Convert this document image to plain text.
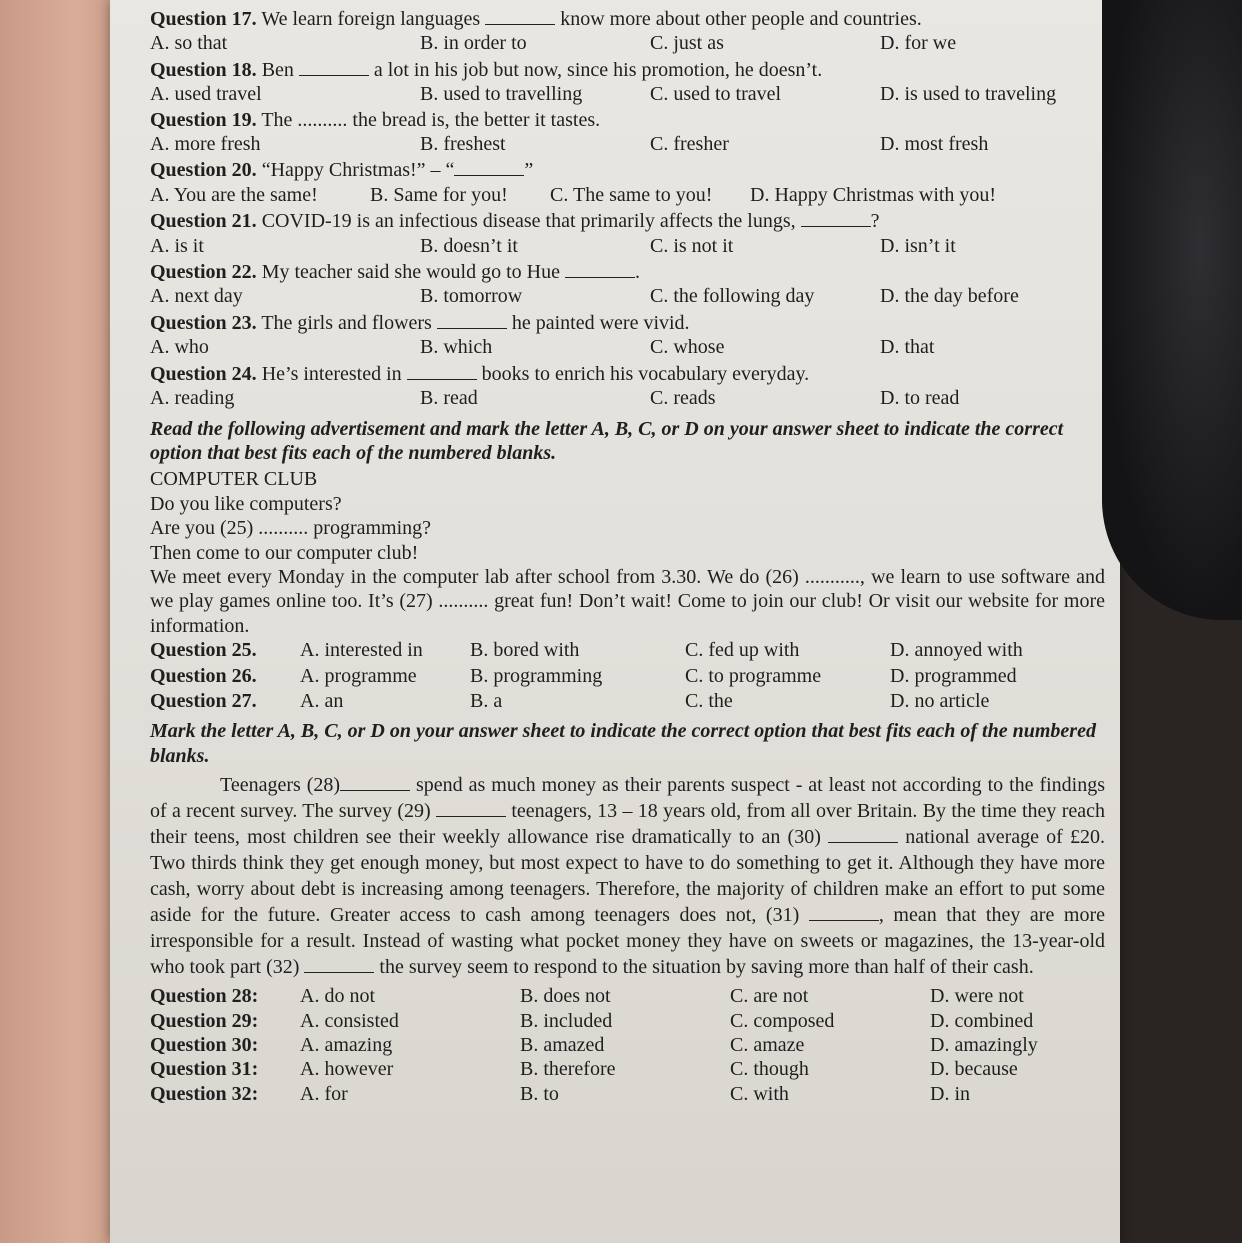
Question 17. We learn foreign languages	know more about other people and countries.

A. so that	B. in order to	C. just as	D. for we

Question 18. Ben	a lot in his job but now, since his promotion, he doesn’t.

A. used travel	B. used to travelling	C. used to travel	D. is used to traveling

Question 19. The .......... the bread is, the better it tastes.

A. more fresh	B. freshest	C. fresher	D. most fresh

Question 20. “Happy Christmas!” – “	”

A. You are the same!	B. Same for you!	C. The same to you!	D. Happy Christmas with you!

Question 21. COVID-19 is an infectious disease that primarily affects the lungs,	?

A. is it	B. doesn’t it	C. is not it	D. isn’t it

Question 22. My teacher said she would go to Hue	.

A. next day	B. tomorrow	C. the following day	D. the day before

Question 23. The girls and flowers	he painted were vivid.

A. who	B. which	C. whose	D. that

Question 24. He’s interested in	books to enrich his vocabulary everyday.

A. reading	B. read	C. reads	D. to read

Read the following advertisement and mark the letter A, B, C, or D on your answer sheet to indicate the correct option that best fits each of the numbered blanks.

COMPUTER CLUB

Do you like computers?

Are you (25) .......... programming?

Then come to our computer club!

We meet every Monday in the computer lab after school from 3.30. We do (26) ..........., we learn to use software and we play games online too. It’s (27) .......... great fun! Don’t wait! Come to join our club! Or visit our website for more information.

Question 25.	A. interested in	B. bored with	C. fed up with	D. annoyed with
Question 26.	A. programme	B. programming	C. to programme	D. programmed
Question 27.	A. an	B. a	C. the	D. no article

Mark the letter A, B, C, or D on your answer sheet to indicate the correct option that best fits each of the numbered blanks.

Teenagers (28)	spend as much money as their parents suspect - at least not according to the findings of a recent survey. The survey (29)	teenagers, 13 – 18 years old, from all over Britain. By the time they reach their teens, most children see their weekly allowance rise dramatically to an (30)	national average of £20. Two thirds think they get enough money, but most expect to have to do something to get it. Although they have more cash, worry about debt is increasing among teenagers. Therefore, the majority of children make an effort to put some aside for the future. Greater access to cash among teenagers does not, (31)	, mean that they are more irresponsible for a result. Instead of wasting what pocket money they have on sweets or magazines, the 13-year-old who took part (32)	the survey seem to respond to the situation by saving more than half of their cash.

Question 28:	A. do not	B. does not	C. are not	D. were not
Question 29:	A. consisted	B. included	C. composed	D. combined
Question 30:	A. amazing	B. amazed	C. amaze	D. amazingly
Question 31:	A. however	B. therefore	C. though	D. because
Question 32:	A. for	B. to	C. with	D. in
